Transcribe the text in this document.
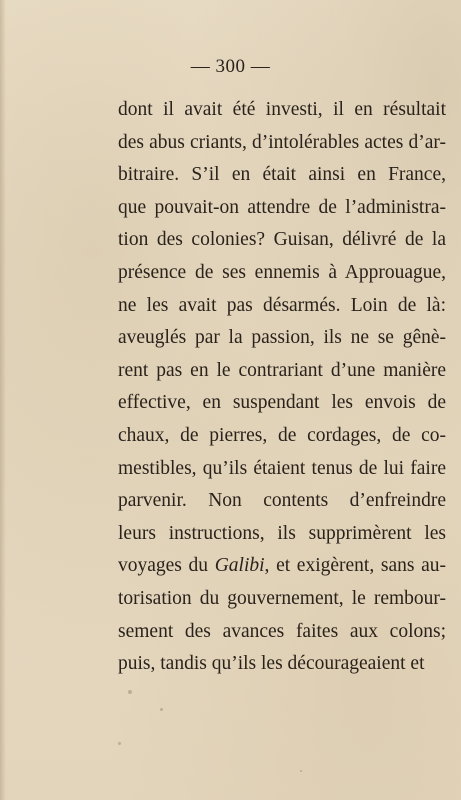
— 300 —
dont il avait été investi, il en résultait
des abus criants, d’intolérables actes d’ar-
bitraire. S’il en était ainsi en France,
que pouvait-on attendre de l’administra-
tion des colonies? Guisan, délivré de la
présence de ses ennemis à Approuague,
ne les avait pas désarmés. Loin de là:
aveuglés par la passion, ils ne se gênè-
rent pas en le contrariant d’une manière
effective, en suspendant les envois de
chaux, de pierres, de cordages, de co-
mestibles, qu’ils étaient tenus de lui faire
parvenir. Non contents d’enfreindre
leurs instructions, ils supprimèrent les
voyages du Galibi, et exigèrent, sans au-
torisation du gouvernement, le rembour-
sement des avances faites aux colons;
puis, tandis qu’ils les décourageaient et
